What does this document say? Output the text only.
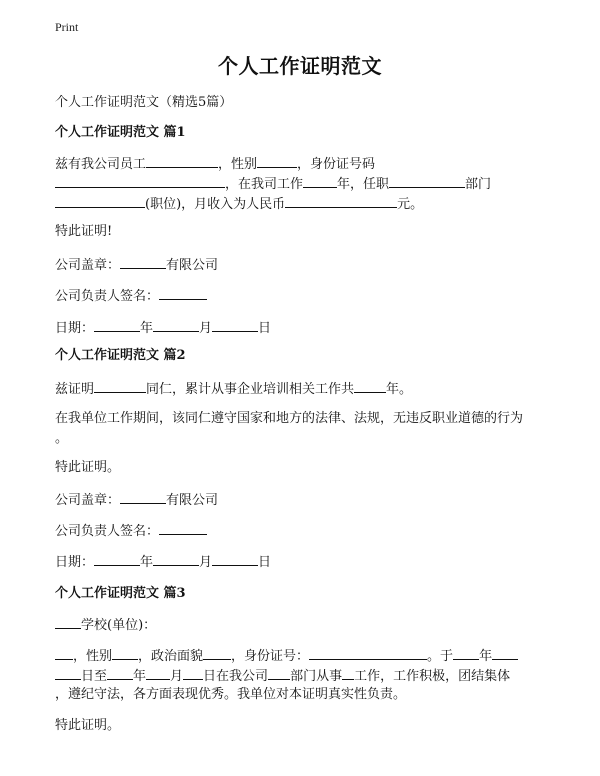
Print
个人工作证明范文
个人工作证明范文（精选5篇）
个人工作证明范文 篇1
兹有我公司员工	，性别	，身份证号码
，在我司工作	年，任职	部门
(职位)，月收入为人民币	元。
特此证明!
公司盖章：	有限公司
公司负责人签名：
日期：	年	月	日
个人工作证明范文 篇2
兹证明	同仁，累计从事企业培训相关工作共 年。
在我单位工作期间，该同仁遵守国家和地方的法律、法规，无违反职业道德的行为
。
特此证明。
公司盖章：	有限公司
公司负责人签名：
日期：	年	月	日
个人工作证明范文 篇3
学校(单位)：
，性别 ，政治面貌 ，身份证号：	。于 年
日至 年 月 日在我公司 部门从事 工作，工作积极，团结集体
，遵纪守法，各方面表现优秀。我单位对本证明真实性负责。
特此证明。
